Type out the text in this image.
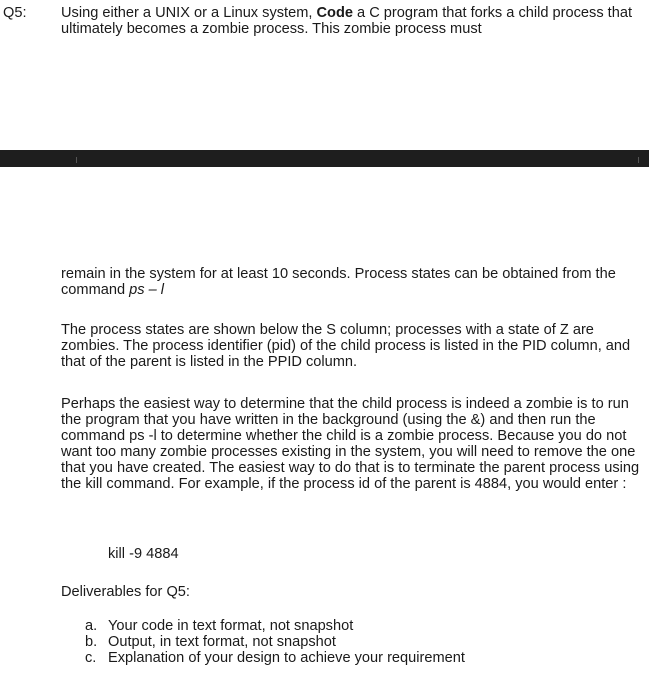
Q5: Using either a UNIX or a Linux system, Code a C program that forks a child process that ultimately becomes a zombie process. This zombie process must
remain in the system for at least 10 seconds. Process states can be obtained from the command ps – l
The process states are shown below the S column; processes with a state of Z are zombies. The process identifier (pid) of the child process is listed in the PID column, and that of the parent is listed in the PPID column.
Perhaps the easiest way to determine that the child process is indeed a zombie is to run the program that you have written in the background (using the &) and then run the command ps -l to determine whether the child is a zombie process. Because you do not want too many zombie processes existing in the system, you will need to remove the one that you have created. The easiest way to do that is to terminate the parent process using the kill command. For example, if the process id of the parent is 4884, you would enter :
kill -9 4884
Deliverables for Q5:
a. Your code in text format, not snapshot
b. Output, in text format, not snapshot
c. Explanation of your design to achieve your requirement
